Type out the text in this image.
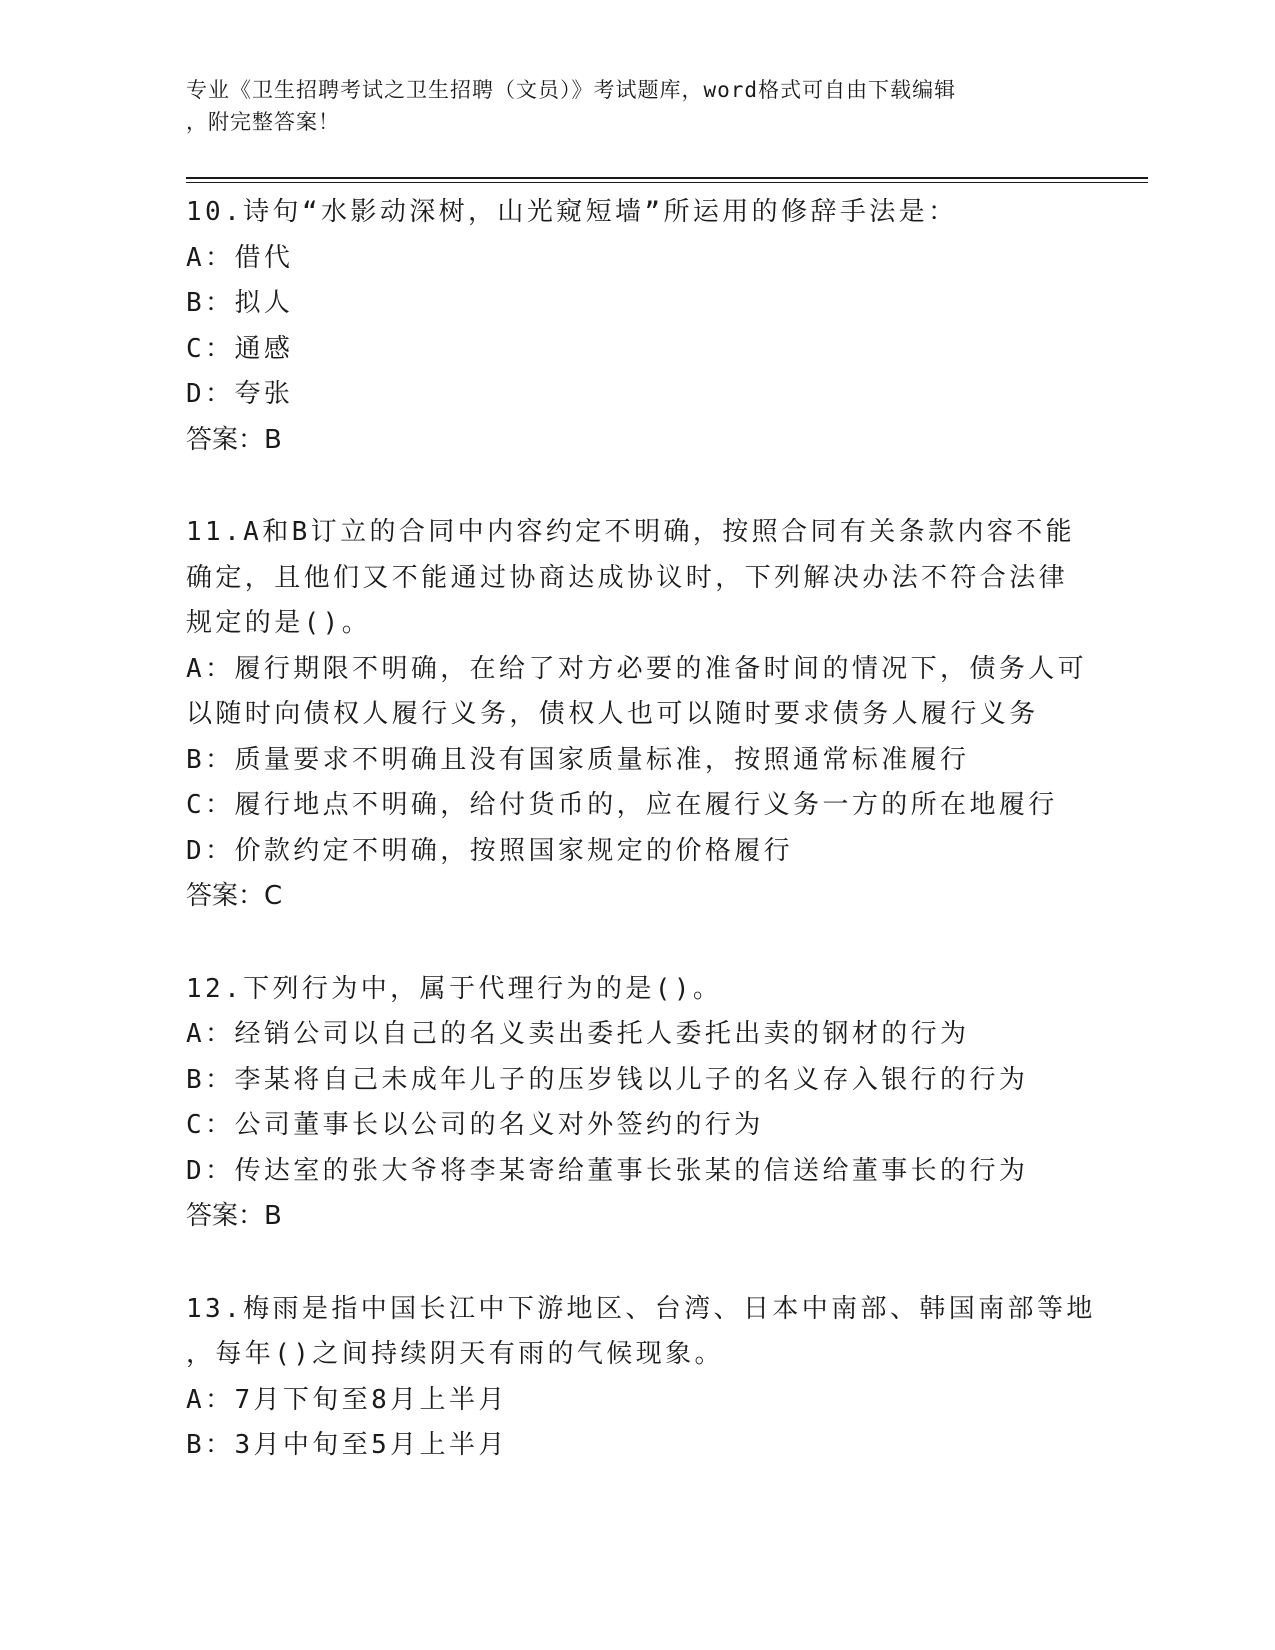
专业《卫生招聘考试之卫生招聘（文员）》考试题库，word格式可自由下载编辑
，附完整答案！
10.诗句“水影动深树，山光窥短墙”所运用的修辞手法是：
A：借代
B：拟人
C：通感
D：夸张
答案：B
11.A和B订立的合同中内容约定不明确，按照合同有关条款内容不能
确定，且他们又不能通过协商达成协议时，下列解决办法不符合法律
规定的是()。
A：履行期限不明确，在给了对方必要的准备时间的情况下，债务人可
以随时向债权人履行义务，债权人也可以随时要求债务人履行义务
B：质量要求不明确且没有国家质量标准，按照通常标准履行
C：履行地点不明确，给付货币的，应在履行义务一方的所在地履行
D：价款约定不明确，按照国家规定的价格履行
答案：C
12.下列行为中，属于代理行为的是()。
A：经销公司以自己的名义卖出委托人委托出卖的钢材的行为
B：李某将自己未成年儿子的压岁钱以儿子的名义存入银行的行为
C：公司董事长以公司的名义对外签约的行为
D：传达室的张大爷将李某寄给董事长张某的信送给董事长的行为
答案：B
13.梅雨是指中国长江中下游地区、台湾、日本中南部、韩国南部等地
，每年()之间持续阴天有雨的气候现象。
A：7月下旬至8月上半月
B：3月中旬至5月上半月
